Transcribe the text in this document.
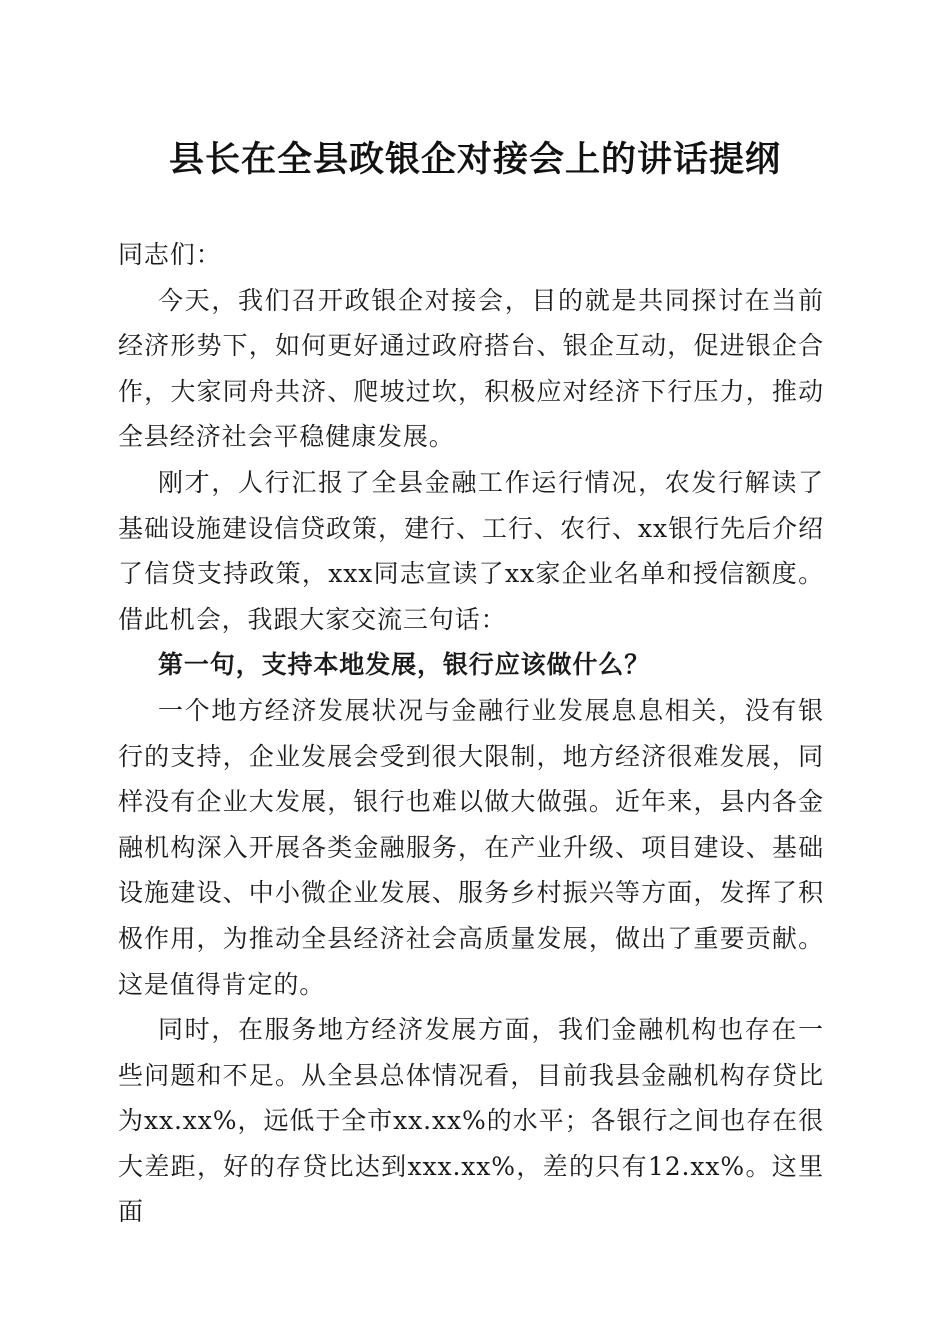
县长在全县政银企对接会上的讲话提纲

同志们：

今天，我们召开政银企对接会，目的就是共同探讨在当前经济形势下，如何更好通过政府搭台、银企互动，促进银企合作，大家同舟共济、爬坡过坎，积极应对经济下行压力，推动全县经济社会平稳健康发展。

刚才，人行汇报了全县金融工作运行情况，农发行解读了基础设施建设信贷政策，建行、工行、农行、xx银行先后介绍了信贷支持政策，xxx同志宣读了xx家企业名单和授信额度。借此机会，我跟大家交流三句话：

第一句，支持本地发展，银行应该做什么？

一个地方经济发展状况与金融行业发展息息相关，没有银行的支持，企业发展会受到很大限制，地方经济很难发展，同样没有企业大发展，银行也难以做大做强。近年来，县内各金融机构深入开展各类金融服务，在产业升级、项目建设、基础设施建设、中小微企业发展、服务乡村振兴等方面，发挥了积极作用，为推动全县经济社会高质量发展，做出了重要贡献。这是值得肯定的。

同时，在服务地方经济发展方面，我们金融机构也存在一些问题和不足。从全县总体情况看，目前我县金融机构存贷比为xx.xx%，远低于全市xx.xx%的水平；各银行之间也存在很大差距，好的存贷比达到xxx.xx%，差的只有12.xx%。这里面
